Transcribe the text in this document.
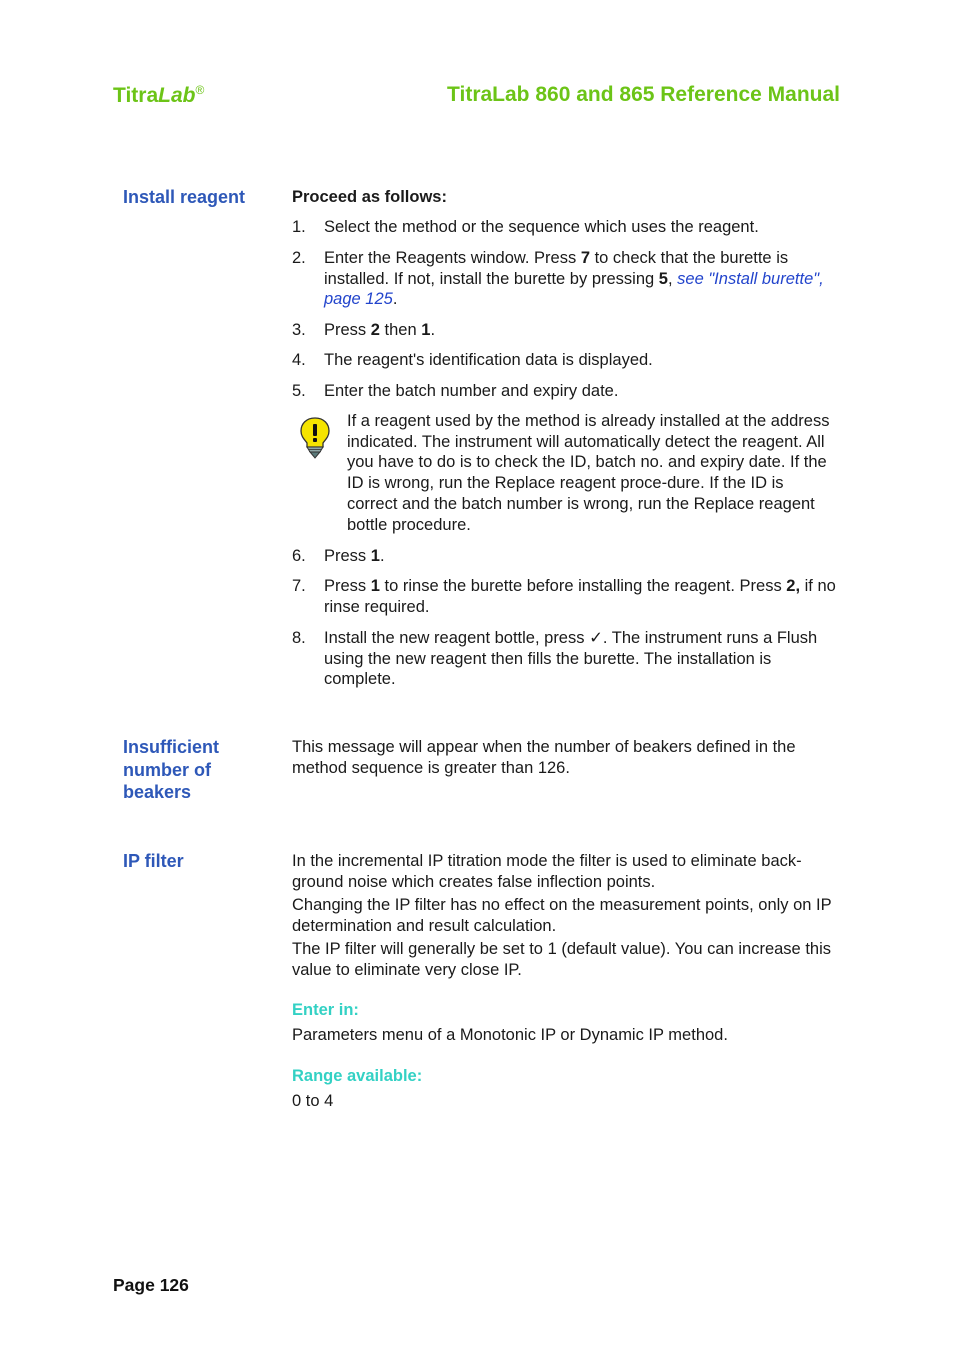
TitraLab®	TitraLab 860 and 865 Reference Manual
Install reagent	Proceed as follows:
1. Select the method or the sequence which uses the reagent.
2. Enter the Reagents window. Press 7 to check that the burette is installed. If not, install the burette by pressing 5, see "Install burette", page 125.
3. Press 2 then 1.
4. The reagent's identification data is displayed.
5. Enter the batch number and expiry date.
If a reagent used by the method is already installed at the address indicated. The instrument will automatically detect the reagent. All you have to do is to check the ID, batch no. and expiry date. If the ID is wrong, run the Replace reagent proce-dure. If the ID is correct and the batch number is wrong, run the Replace reagent bottle procedure.
6. Press 1.
7. Press 1 to rinse the burette before installing the reagent. Press 2, if no rinse required.
8. Install the new reagent bottle, press ✓. The instrument runs a Flush using the new reagent then fills the burette. The installation is complete.
Insufficient number of beakers
This message will appear when the number of beakers defined in the method sequence is greater than 126.
IP filter	In the incremental IP titration mode the filter is used to eliminate back-ground noise which creates false inflection points.
Changing the IP filter has no effect on the measurement points, only on IP determination and result calculation.
The IP filter will generally be set to 1 (default value). You can increase this value to eliminate very close IP.
Enter in:
Parameters menu of a Monotonic IP or Dynamic IP method.
Range available:
0 to 4
Page 126
